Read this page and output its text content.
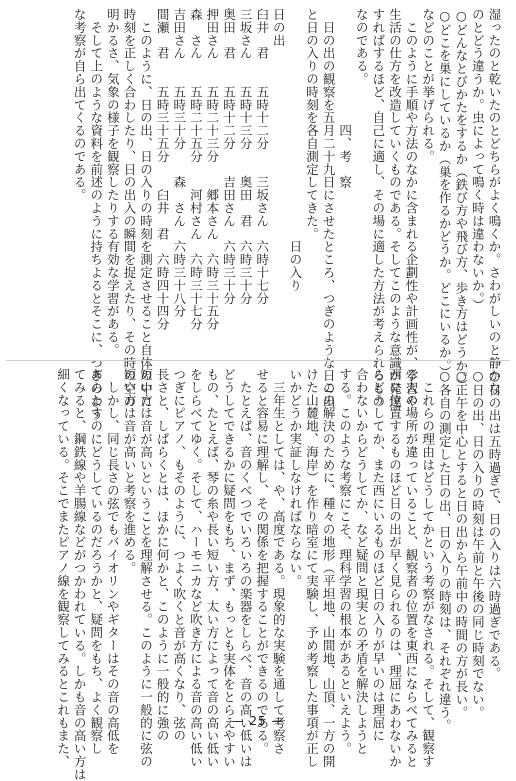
湿ったのと乾いたのとどちらがよく鳴くか。さわがしいのと静かな
のとどう違うか。虫によって鳴く時は違わないか。）
○どんなとびかたをするか（鉄び方や飛び方、歩き方はどうか。）
○どこを巣にしているか（巣を作るかどうか。どこにいるか。）
などのことが挙げられる。
　このように手順や方法のなかに含まれる企劃性や計画性が、学習や
生活の仕方を改造していくものである。そしてこのような意識が発達
すればするほど、自己に適し、その場に適した方法が考えられるもの
なのである。
　　　　　　　　　四、考　察
　日の出の観察を五月二十九日にさせたところ、つぎのような日の出
と日の入りの時刻を各自測定してきた。
　　　　　　　　　　　　　　　　　　日の入り
日の出
臼井　君　　五時十二分　　三坂さん　六時十七分
三坂さん　　五時十三分　　奥田　君　六時三十分
奥田　君　　五時十二分　　吉田さん　六時三十分
押田さん　　五時二十三分　　郷本さん　六時三十五分
森　さん　　五時二十五分　　河村さん　六時三十七分
吉田さん　　五時三十分　　森　さん　六時三十八分
間瀬　君　　五時三十五分　　臼井　君　六時四十四分
　このように、日の出、日の入りの時刻を測定させること自体の中に
時刻を正しく合わしたり、日の出入の瞬間を捉えたり、その時の空の
明かるさ、気象の様子を観察したりする有効な学習がある。
　そして上のような資料を前述のように持ちよるとそこに、つぎのよう
な考察が自ら出てくるのである。
○日の出は五時過ぎで、日の入りは六時過ぎである。
○日の出、日の入りの時刻は午前と午後の同じ時刻でない。
○正午を中心とすると日の出から午前中の時間の方が長い。
○各自の測定した日の出、日の入りの時刻は、それぞれ違う。
　これらの理由はどうしてかという考察がなされる。そして、観察す
る人の場所が違っていること、観察者の位置を東西にならべてみると
西に位置するものほど日の出が早く見られるのは、理屈にあわないか
らどうしてか、また西にいるものほど日の入りが早いのは理屈に
合わないからどうしてか、など疑問と現実との矛盾を解決しようと
する。このような考察にこそ、理科学習の根本があるといえよう。
　この解決のために、種々の地形（平坦地、山間地、山頂、一方の開
けた山麓地、海岸）を作り暗室にて実験し、予め考察した事項が正し
いかどうか実証しなければならない。
　三年生としては、や、高度である。現象的な実験を通して考察さ
せると容易に理解し、その関係を把握することができるのである。
　たとえば、音のくべつでいろいろの楽器をしらべ、音の高い低いは
どうしてできるかに疑問をもち、まず、もっとも実体をとらえやすい
もの、たとえば、琴の糸や長い短い方、太い方によって音の高い低い
をしらべてゆく。そして、ハーモニカなど吹き方による音の高い低い
つぎにピアノ、もそのように、つよく吹くと音が高くなり、弦の
長さと、しばらくとは、ほかに何かと、このように一般的に強の
短い方は音が高いということを理解させる。このように一般的に弦の
短い方は音が高いと考察を進める。
　しかし、同じ長さの弦でもバイオリンやギターはその音の高低を
あらわすのにどうしているのだろうかと、疑問をもち、よく観察し
てみると、鋼鉄線や羊腸線などがつかわれている。しかも音の高い方は
細くなっている。そこでまたピアノ線を観察してみるとこれもまた、	— 25 —
